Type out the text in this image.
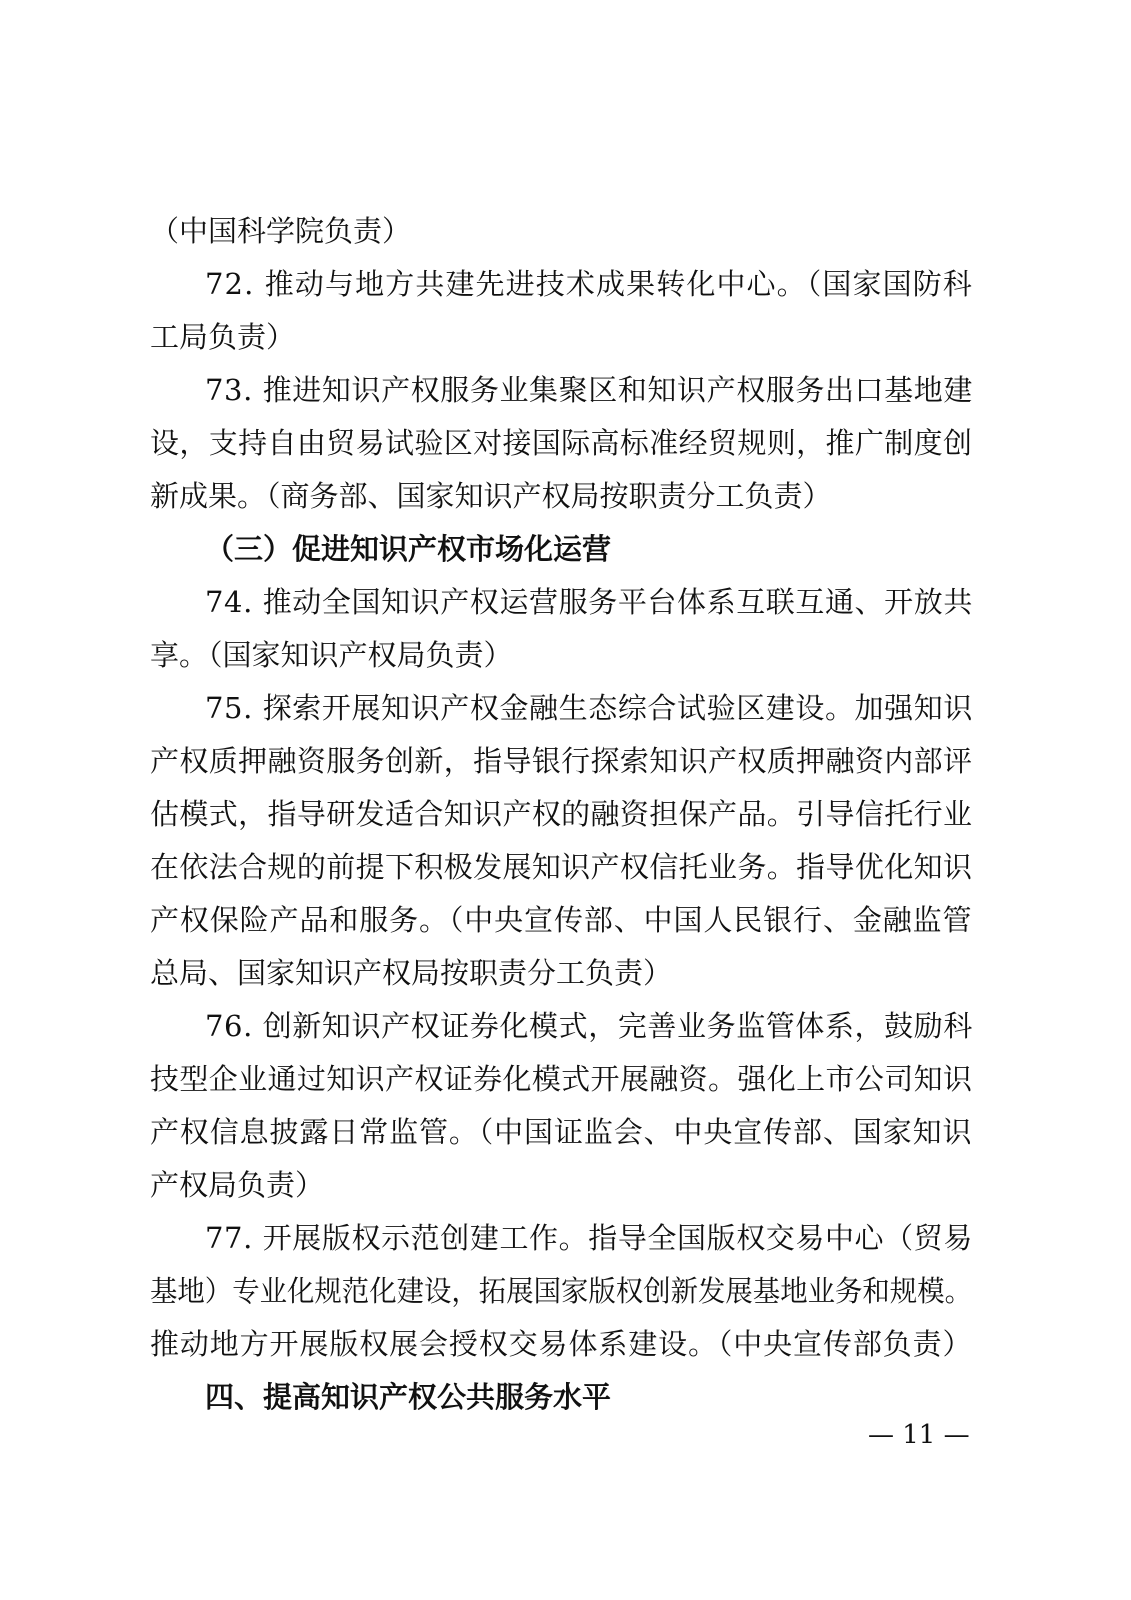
（中国科学院负责）
72. 推动与地方共建先进技术成果转化中心。（国家国防科
工局负责）
73. 推进知识产权服务业集聚区和知识产权服务出口基地建
设，支持自由贸易试验区对接国际高标准经贸规则，推广制度创
新成果。（商务部、国家知识产权局按职责分工负责）
（三）促进知识产权市场化运营
74. 推动全国知识产权运营服务平台体系互联互通、开放共
享。（国家知识产权局负责）
75. 探索开展知识产权金融生态综合试验区建设。加强知识
产权质押融资服务创新，指导银行探索知识产权质押融资内部评
估模式，指导研发适合知识产权的融资担保产品。引导信托行业
在依法合规的前提下积极发展知识产权信托业务。指导优化知识
产权保险产品和服务。（中央宣传部、中国人民银行、金融监管
总局、国家知识产权局按职责分工负责）
76. 创新知识产权证券化模式，完善业务监管体系，鼓励科
技型企业通过知识产权证券化模式开展融资。强化上市公司知识
产权信息披露日常监管。（中国证监会、中央宣传部、国家知识
产权局负责）
77. 开展版权示范创建工作。指导全国版权交易中心（贸易
基地）专业化规范化建设，拓展国家版权创新发展基地业务和规模。
推动地方开展版权展会授权交易体系建设。（中央宣传部负责）
四、提高知识产权公共服务水平
— 11 —
